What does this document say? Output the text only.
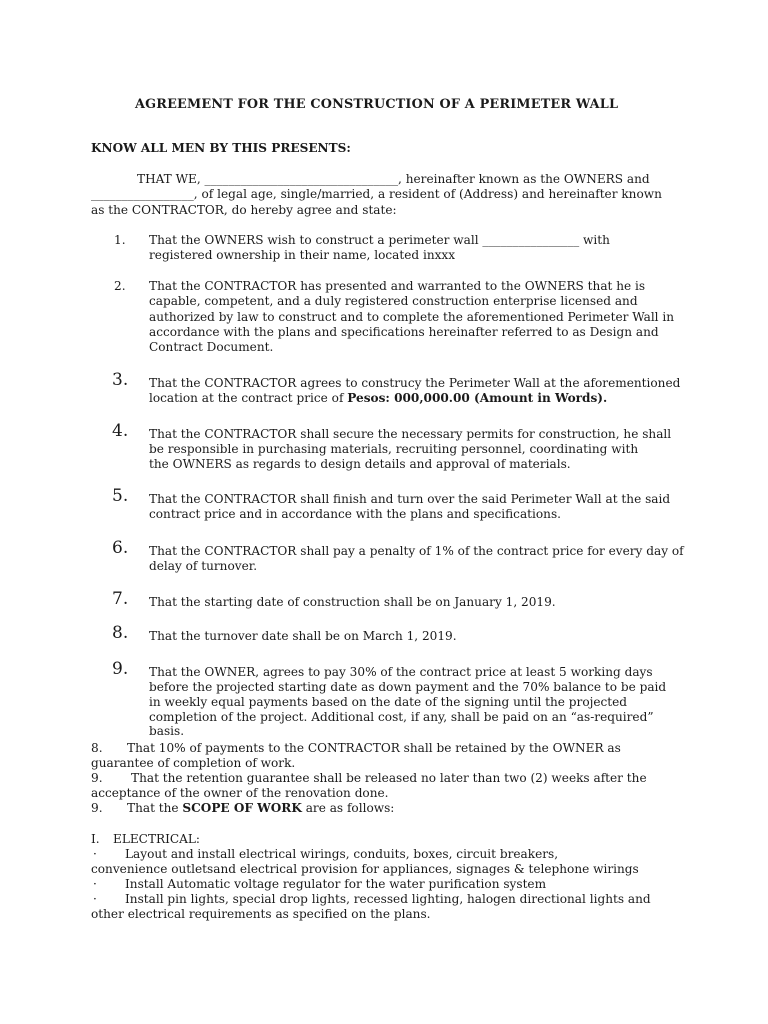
AGREEMENT FOR THE CONSTRUCTION OF A PERIMETER WALL
KNOW ALL MEN BY THIS PRESENTS:
THAT WE, ________________________________, hereinafter known as the OWNERS and
_________________, of legal age, single/married, a resident of (Address) and hereinafter known
as the CONTRACTOR, do hereby agree and state:
1. That the OWNERS wish to construct a perimeter wall ________________ with
registered ownership in their name, located inxxx
2. That the CONTRACTOR has presented and warranted to the OWNERS that he is
capable, competent, and a duly registered construction enterprise licensed and
authorized by law to construct and to complete the aforementioned Perimeter Wall in
accordance with the plans and specifications hereinafter referred to as Design and
Contract Document.
3. That the CONTRACTOR agrees to construcy the Perimeter Wall at the aforementioned
location at the contract price of Pesos: 000,000.00 (Amount in Words).
4. That the CONTRACTOR shall secure the necessary permits for construction, he shall
be responsible in purchasing materials, recruiting personnel, coordinating with
the OWNERS as regards to design details and approval of materials.
5. That the CONTRACTOR shall finish and turn over the said Perimeter Wall at the said
contract price and in accordance with the plans and specifications.
6. That the CONTRACTOR shall pay a penalty of 1% of the contract price for every day of
delay of turnover.
7. That the starting date of construction shall be on January 1, 2019.
8. That the turnover date shall be on March 1, 2019.
9. That the OWNER, agrees to pay 30% of the contract price at least 5 working days
before the projected starting date as down payment and the 70% balance to be paid
in weekly equal payments based on the date of the signing until the projected
completion of the project. Additional cost, if any, shall be paid on an “as-required”
basis.
8. That 10% of payments to the CONTRACTOR shall be retained by the OWNER as
guarantee of completion of work.
9. That the retention guarantee shall be released no later than two (2) weeks after the
acceptance of the owner of the renovation done.
9. That the SCOPE OF WORK are as follows:
I. ELECTRICAL:
· Layout and install electrical wirings, conduits, boxes, circuit breakers,
convenience outletsand electrical provision for appliances, signages & telephone wirings
· Install Automatic voltage regulator for the water purification system
· Install pin lights, special drop lights, recessed lighting, halogen directional lights and
other electrical requirements as specified on the plans.
